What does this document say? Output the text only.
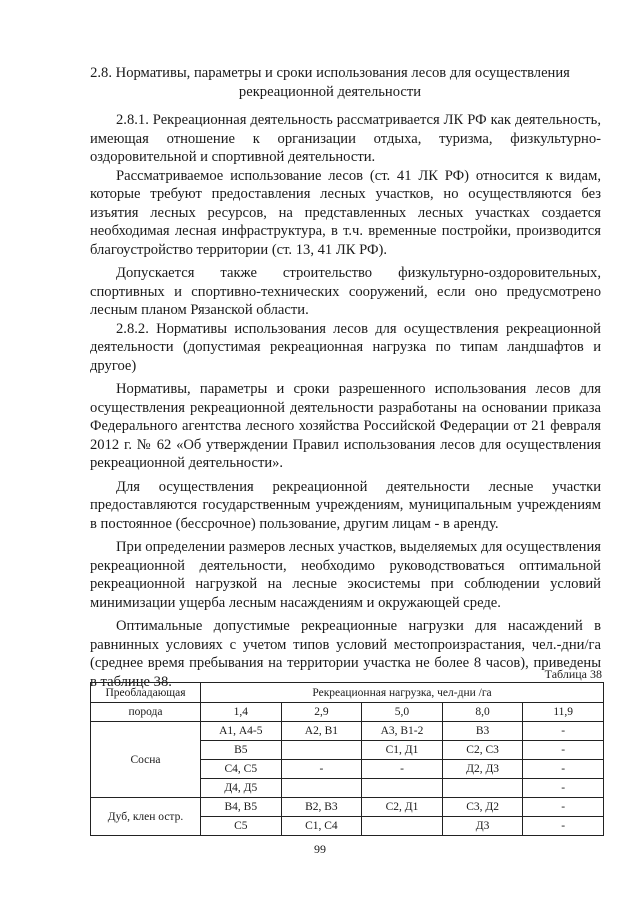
2.8. Нормативы, параметры и сроки использования лесов для осуществления рекреационной деятельности

2.8.1. Рекреационная деятельность рассматривается ЛК РФ как деятельность, имеющая отношение к организации отдыха, туризма, физкультурно-оздоровительной и спортивной деятельности.

Рассматриваемое использование лесов (ст. 41 ЛК РФ) относится к видам, которые требуют предоставления лесных участков, но осуществляются без изъятия лесных ресурсов, на представленных лесных участках создается необходимая лесная инфраструктура, в т.ч. временные постройки, производится благоустройство территории (ст. 13, 41 ЛК РФ).

Допускается также строительство физкультурно-оздоровительных, спортивных и спортивно-технических сооружений, если оно предусмотрено лесным планом Рязанской области.

2.8.2. Нормативы использования лесов для осуществления рекреационной деятельности (допустимая рекреационная нагрузка по типам ландшафтов и другое)

Нормативы, параметры и сроки разрешенного использования лесов для осуществления рекреационной деятельности разработаны на основании приказа Федерального агентства лесного хозяйства Российской Федерации от 21 февраля 2012 г. № 62 «Об утверждении Правил использования лесов для осуществления рекреационной деятельности».

Для осуществления рекреационной деятельности лесные участки предоставляются государственным учреждениям, муниципальным учреждениям в постоянное (бессрочное) пользование, другим лицам - в аренду.

При определении размеров лесных участков, выделяемых для осуществления рекреационной деятельности, необходимо руководствоваться оптимальной рекреационной нагрузкой на лесные экосистемы при соблюдении условий минимизации ущерба лесным насаждениям и окружающей среде.

Оптимальные допустимые рекреационные нагрузки для насаждений в равнинных условиях с учетом типов условий местопроизрастания, чел.-дни/га (среднее время пребывания на территории участка не более 8 часов), приведены в таблице 38.	Таблица 38
Преобладающая	Рекреационная нагрузка, чел-дни /га				
порода	1,4	2,9	5,0	8,0	11,9
Сосна	А1, А4-5	А2, В1	А3, В1-2	В3	-
	В5		С1, Д1	С2, С3	-
	С4, С5	-	-	Д2, Д3	-
	Д4, Д5				-
Дуб, клен остр.	В4, В5	В2, В3	С2, Д1	С3, Д2	-
	С5	С1, С4		Д3	-
99
